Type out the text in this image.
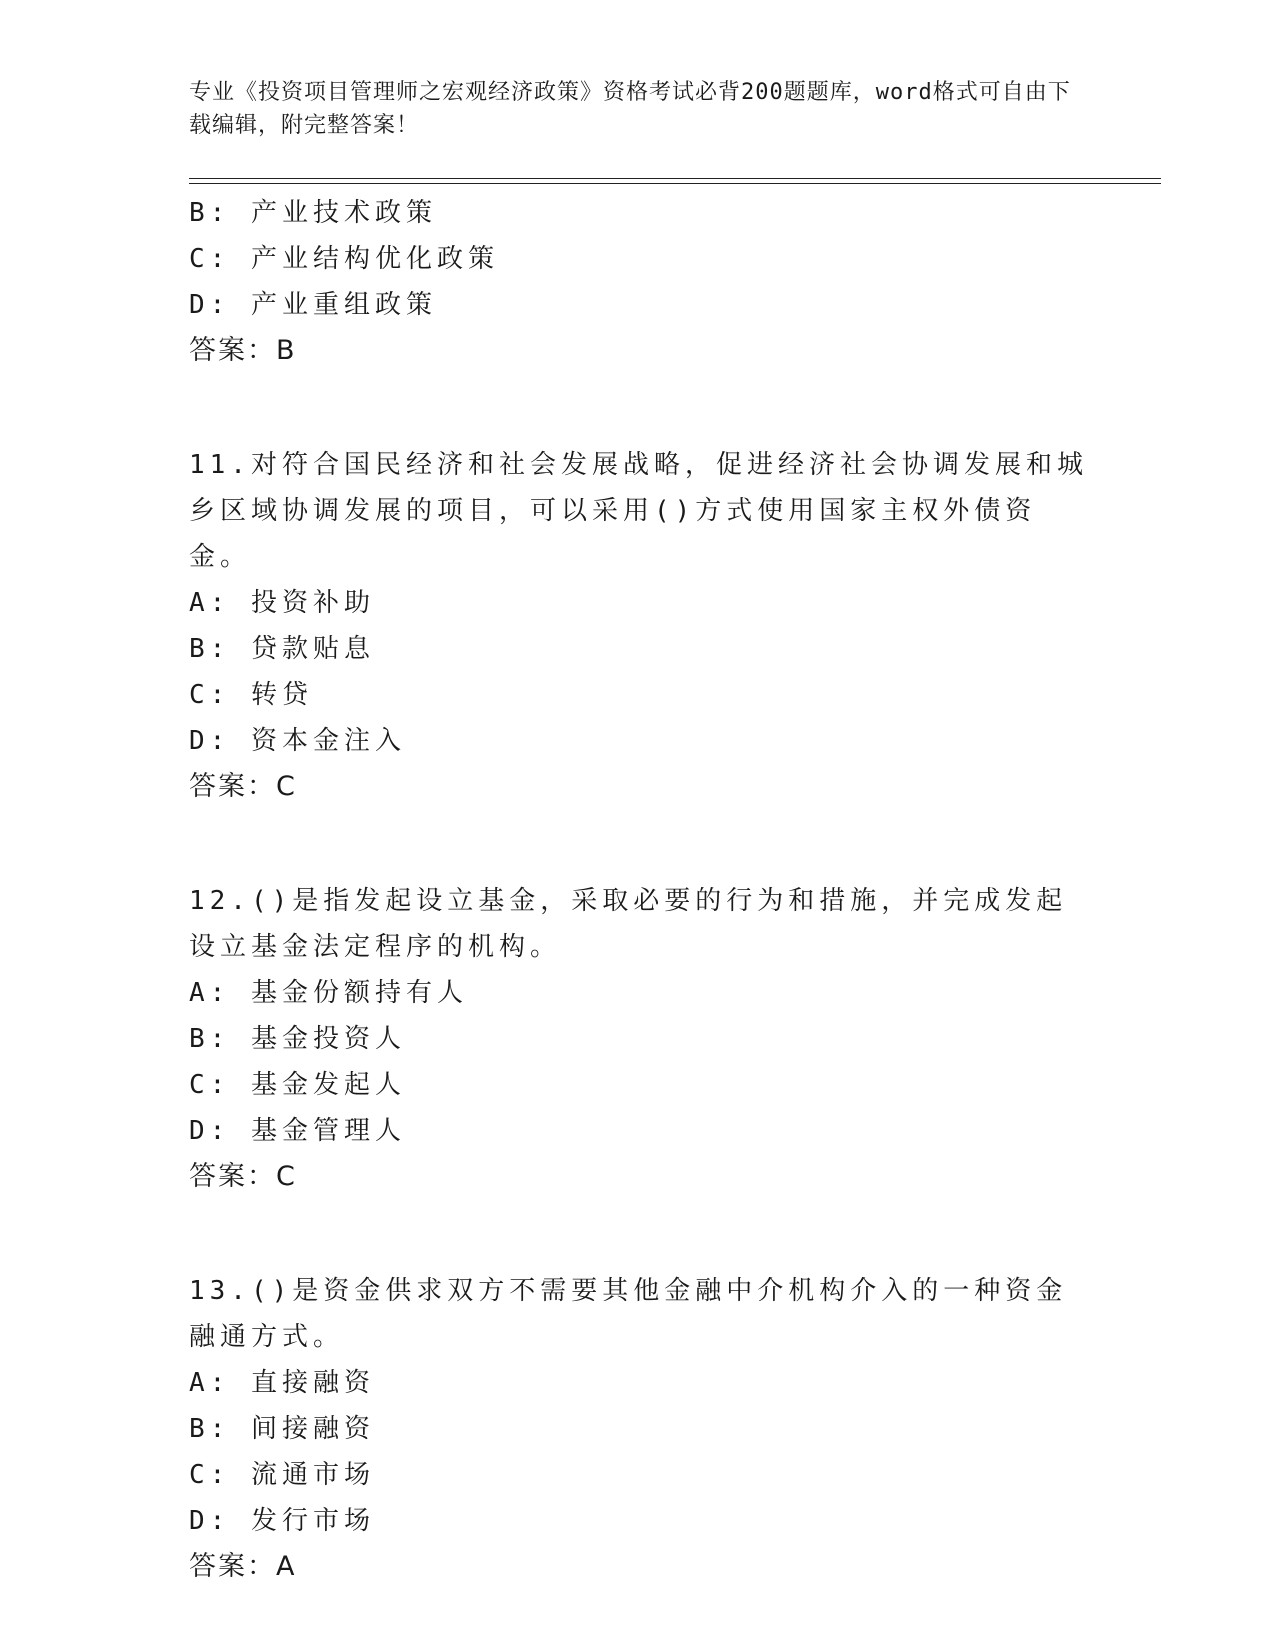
专业《投资项目管理师之宏观经济政策》资格考试必背200题题库，word格式可自由下载编辑，附完整答案！
B: 产业技术政策
C: 产业结构优化政策
D: 产业重组政策
答案：B
11.对符合国民经济和社会发展战略，促进经济社会协调发展和城乡区域协调发展的项目，可以采用()方式使用国家主权外债资金。
A: 投资补助
B: 贷款贴息
C: 转贷
D: 资本金注入
答案：C
12.()是指发起设立基金，采取必要的行为和措施，并完成发起设立基金法定程序的机构。
A: 基金份额持有人
B: 基金投资人
C: 基金发起人
D: 基金管理人
答案：C
13.()是资金供求双方不需要其他金融中介机构介入的一种资金融通方式。
A: 直接融资
B: 间接融资
C: 流通市场
D: 发行市场
答案：A
